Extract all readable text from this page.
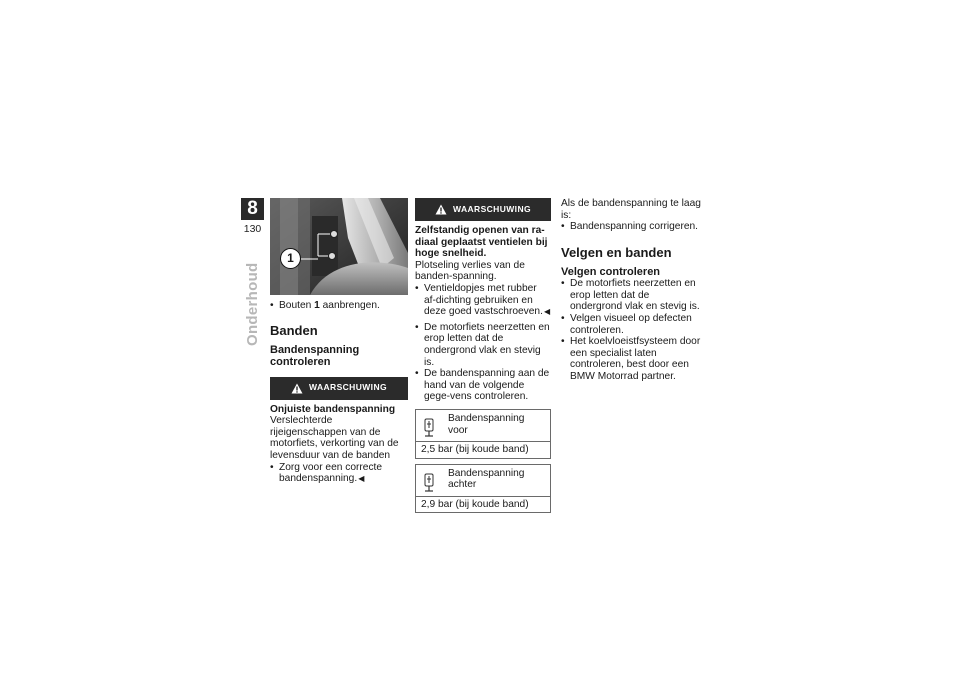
8
130
Onderhoud
1
• Bouten 1 aanbrengen.
Banden
Bandenspanning controleren
WAARSCHUWING
Onjuiste bandenspanning
Verslechterde rijeigenschappen van de motorfiets, verkorting van de levensduur van de banden
• Zorg voor een correcte bandenspanning.◀
WAARSCHUWING
Zelfstandig openen van ra-diaal geplaatst ventielen bij hoge snelheid.
Plotseling verlies van de banden-spanning.
• Ventieldopjes met rubber af-dichting gebruiken en deze goed vastschroeven.◀
• De motorfiets neerzetten en erop letten dat de ondergrond vlak en stevig is.
• De bandenspanning aan de hand van de volgende gege-vens controleren.
Bandenspanning voor
2,5 bar (bij koude band)
Bandenspanning achter
2,9 bar (bij koude band)
Als de bandenspanning te laag is:
• Bandenspanning corrigeren.
Velgen en banden
Velgen controleren
• De motorfiets neerzetten en erop letten dat de ondergrond vlak en stevig is.
• Velgen visueel op defecten controleren.
• Het koelvloeistfsysteem door een specialist laten controleren, best door een BMW Motorrad partner.
